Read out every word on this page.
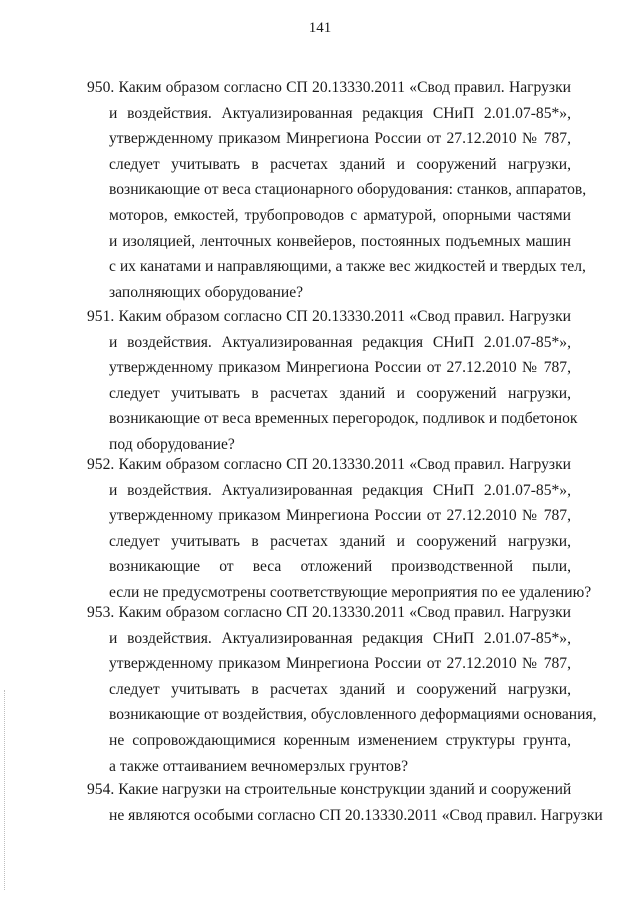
141
950. Каким образом согласно СП 20.13330.2011 «Свод правил. Нагрузки
и воздействия. Актуализированная редакция СНиП 2.01.07-85*»,
утвержденному приказом Минрегиона России от 27.12.2010 № 787,
следует учитывать в расчетах зданий и сооружений нагрузки,
возникающие от веса стационарного оборудования: станков, аппаратов,
моторов, емкостей, трубопроводов с арматурой, опорными частями
и изоляцией, ленточных конвейеров, постоянных подъемных машин
с их канатами и направляющими, а также вес жидкостей и твердых тел,
заполняющих оборудование?
951. Каким образом согласно СП 20.13330.2011 «Свод правил. Нагрузки
и воздействия. Актуализированная редакция СНиП 2.01.07-85*»,
утвержденному приказом Минрегиона России от 27.12.2010 № 787,
следует учитывать в расчетах зданий и сооружений нагрузки,
возникающие от веса временных перегородок, подливок и подбетонок
под оборудование?
952. Каким образом согласно СП 20.13330.2011 «Свод правил. Нагрузки
и воздействия. Актуализированная редакция СНиП 2.01.07-85*»,
утвержденному приказом Минрегиона России от 27.12.2010 № 787,
следует учитывать в расчетах зданий и сооружений нагрузки,
возникающие от веса отложений производственной пыли,
если не предусмотрены соответствующие мероприятия по ее удалению?
953. Каким образом согласно СП 20.13330.2011 «Свод правил. Нагрузки
и воздействия. Актуализированная редакция СНиП 2.01.07-85*»,
утвержденному приказом Минрегиона России от 27.12.2010 № 787,
следует учитывать в расчетах зданий и сооружений нагрузки,
возникающие от воздействия, обусловленного деформациями основания,
не сопровождающимися коренным изменением структуры грунта,
а также оттаиванием вечномерзлых грунтов?
954. Какие нагрузки на строительные конструкции зданий и сооружений
не являются особыми согласно СП 20.13330.2011 «Свод правил. Нагрузки
